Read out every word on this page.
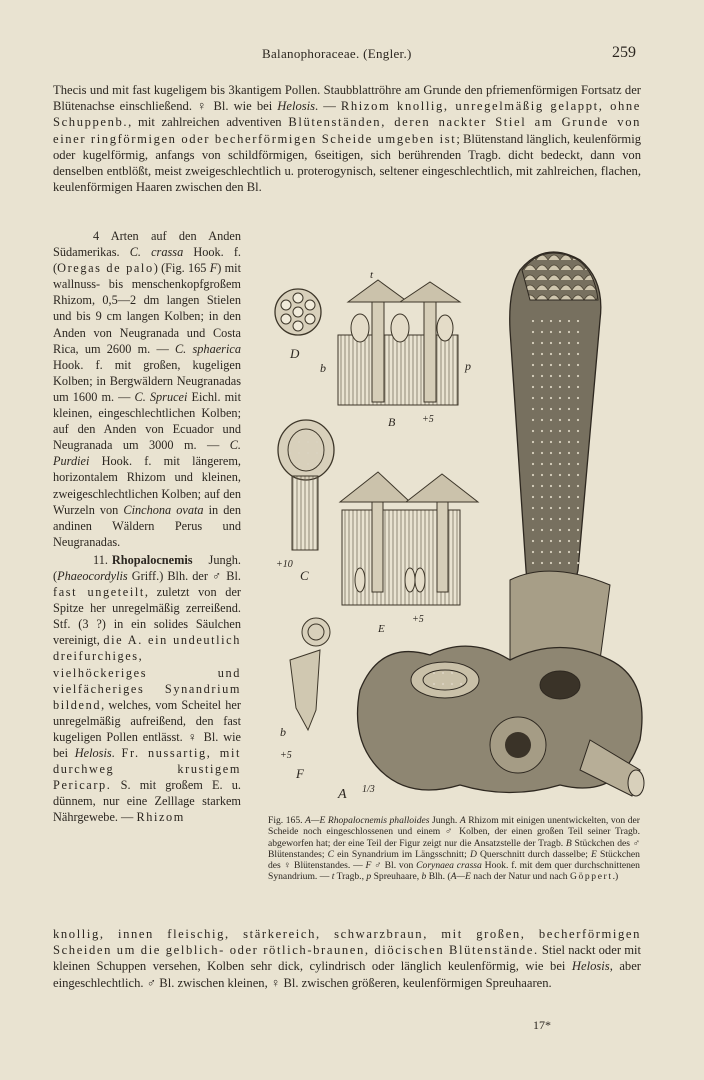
Balanophoraceae. (Engler.)	259
Thecis und mit fast kugeligem bis 3kantigem Pollen. Staubblattröhre am Grunde den pfriemenförmigen Fortsatz der Blütenachse einschließend. ♀ Bl. wie bei Helosis. — Rhizom knollig, unregelmäßig gelappt, ohne Schuppenb., mit zahlreichen adventiven Blütenständen, deren nackter Stiel am Grunde von einer ringförmigen oder becherförmigen Scheide umgeben ist; Blütenstand länglich, keulenförmig oder kugelförmig, anfangs von schildförmigen, 6seitigen, sich berührenden Tragb. dicht bedeckt, dann von denselben entblößt, meist zweigeschlechtlich u. proterogynisch, seltener eingeschlechtlich, mit zahlreichen, flachen, keulenförmigen Haaren zwischen den Bl.
4 Arten auf den Anden Südamerikas. C. crassa Hook. f. (Oregas de palo) (Fig. 165 F) mit wallnuss- bis menschenkopfgroßem Rhizom, 0,5—2 dm langen Stielen und bis 9 cm langen Kolben; in den Anden von Neugranada und Costa Rica, um 2600 m. — C. sphaerica Hook. f. mit großen, kugeligen Kolben; in Bergwäldern Neugranadas um 1600 m. — C. Sprucei Eichl. mit kleinen, eingeschlechtlichen Kolben; auf den Anden von Ecuador und Neugranada um 3000 m. — C. Purdiei Hook. f. mit längerem, horizontalem Rhizom und kleinen, zweigeschlechtlichen Kolben; auf den Wurzeln von Cinchona ovata in den andinen Wäldern Perus und Neugranadas.
11. Rhopalocnemis Jungh. (Phaeocordylis Griff.) Blh. der ♂ Bl. fast ungeteilt, zuletzt von der Spitze her unregelmäßig zerreißend. Stf. (3 ?) in ein solides Säulchen vereinigt, die A. ein undeutlich dreifurchiges, vielhöckeriges und vielfächeriges Synandrium bildend, welches, vom Scheitel her unregelmäßig aufreißend, den fast kugeligen Pollen entlässt. ♀ Bl. wie bei Helosis. Fr. nussartig, mit durchweg krustigem Pericarp. S. mit großem E. u. dünnem, nur eine Zelllage starkem Nährgewebe. — Rhizom
D
t
b	p
B	+5
+10
C
E
+5
b
+5
F
A 1/3
Fig. 165. A—E Rhopalocnemis phalloides Jungh. A Rhizom mit einigen unentwickelten, von der Scheide noch eingeschlossenen und einem ♂ Kolben, der einen großen Teil seiner Tragb. abgeworfen hat; der eine Teil der Figur zeigt nur die Ansatzstelle der Tragb. B Stückchen des ♂ Blütenstandes; C ein Synandrium im Längsschnitt; D Querschnitt durch dasselbe; E Stückchen des ♀ Blütenstandes. — F ♂ Bl. von Corynaea crassa Hook. f. mit dem quer durchschnittenen Synandrium. — t Tragb., p Spreuhaare, b Blh. (A—E nach der Natur und nach Göppert.)
knollig, innen fleischig, stärkereich, schwarzbraun, mit großen, becherförmigen Scheiden um die gelblich- oder rötlich-braunen, diöcischen Blütenstände. Stiel nackt oder mit kleinen Schuppen versehen, Kolben sehr dick, cylindrisch oder länglich keulenförmig, wie bei Helosis, aber eingeschlechtlich. ♂ Bl. zwischen kleinen, ♀ Bl. zwischen größeren, keulenförmigen Spreuhaaren.
17*
